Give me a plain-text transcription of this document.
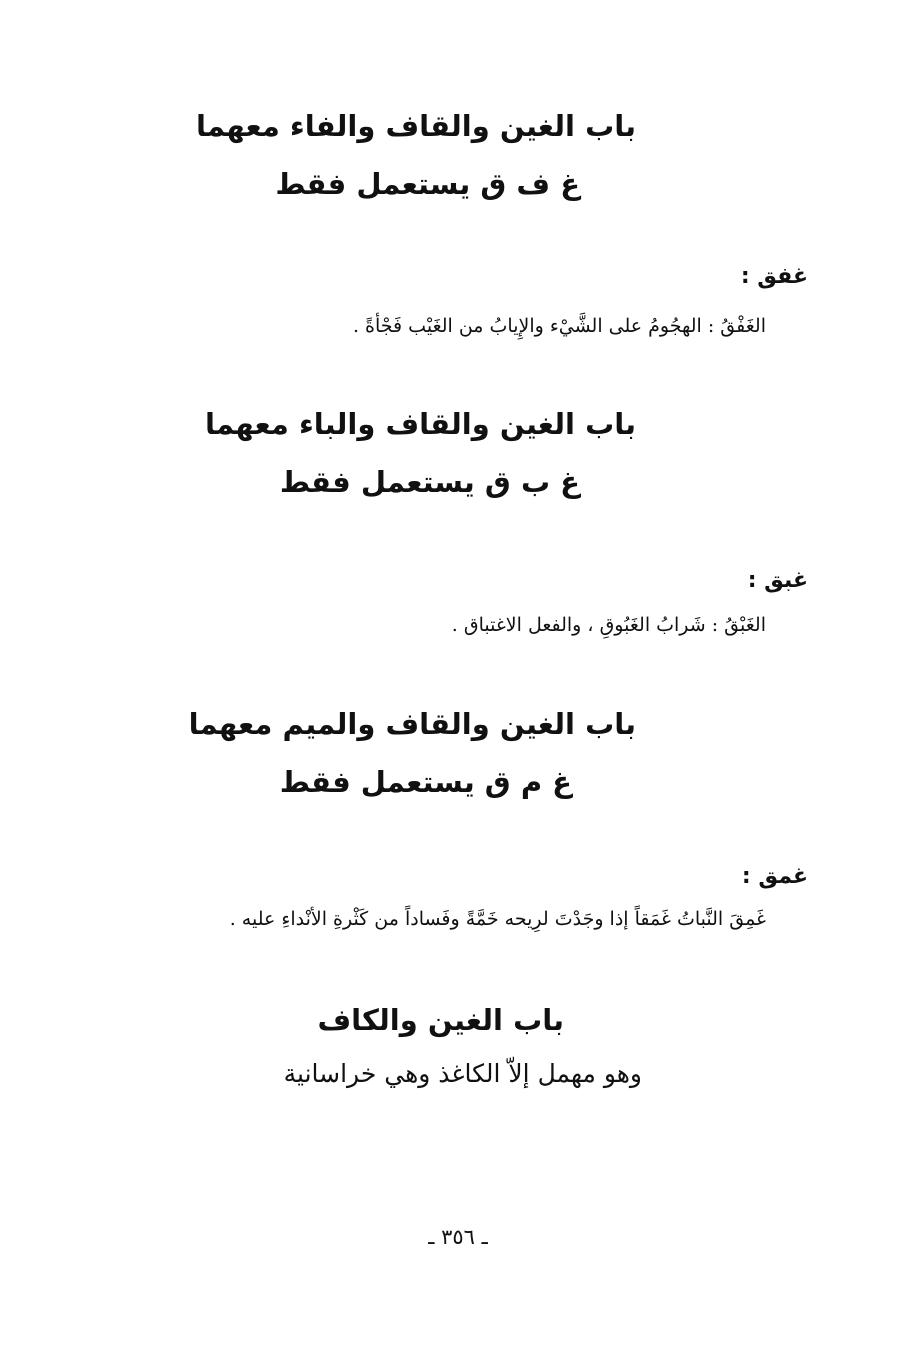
باب الغين والقاف والفاء معهما
غ ف ق يستعمل فقط
غفق :
الغَفْقُ : الهجُومُ على الشَّيْء والإِيابُ من الغَيْب فَجْأةً .
باب الغين والقاف والباء معهما
غ ب ق يستعمل فقط
غبق :
الغَبْقُ : شَرابُ الغَبُوقِ ، والفعل الاغتباق .
باب الغين والقاف والميم معهما
غ م ق يستعمل فقط
غمق :
غَمِقَ النَّباتُ غَمَقاً إذا وجَدْتَ لرِيحه خَمَّةً وفَساداً من كَثْرةِ الأنْداءِ عليه .
باب الغين والكاف
وهو مهمل إلاّ الكاغذ وهي خراسانية
ـ ٣٥٦ ـ
